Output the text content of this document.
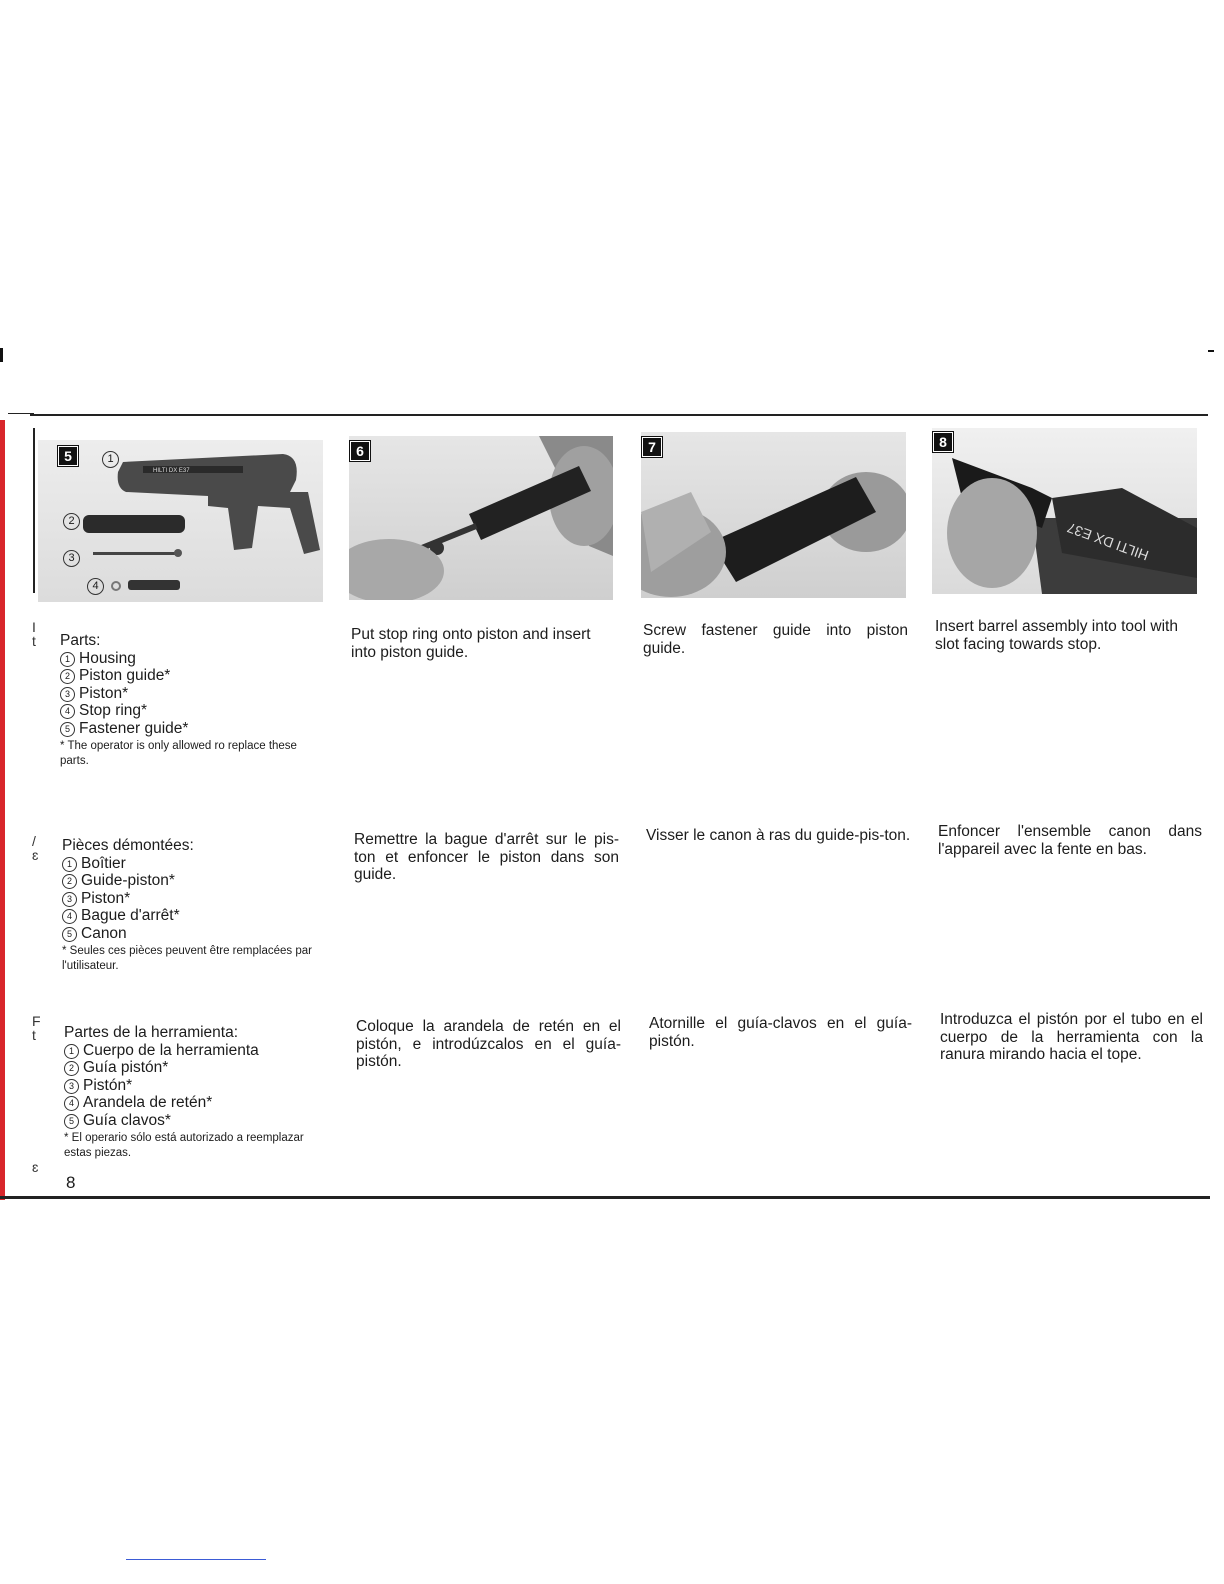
I
t
/
ɛ
F
t
ɛ
HILTI DX E37
5	1
2
3
4
6	7
HILTI DX E37
8
Parts:
1 Housing
2 Piston guide*
3 Piston*
4 Stop ring*
5 Fastener guide*
* The operator is only allowed ro replace these parts.
Put stop ring onto piston and insert into piston guide.
Screw fastener guide into piston guide.
Insert barrel assembly into tool with slot facing towards stop.
Pièces démontées:
1 Boîtier
2 Guide-piston*
3 Piston*
4 Bague d'arrêt*
5 Canon
* Seules ces pièces peuvent être remplacées par l'utilisateur.
Remettre la bague d'arrêt sur le pis-ton et enfoncer le piston dans son guide.
Visser le canon à ras du guide-pis-ton. Enfoncer l'ensemble canon dans l'appareil avec la fente en bas.
Partes de la herramienta:
1 Cuerpo de la herramienta
2 Guía pistón*
3 Pistón*
4 Arandela de retén*
5 Guía clavos*
* El operario sólo está autorizado a reemplazar estas piezas.
Coloque la arandela de retén en el pistón, e introdúzcalos en el guía-pistón.
Atornille el guía-clavos en el guía-pistón.
Introduzca el pistón por el tubo en el cuerpo de la herramienta con la ranura mirando hacia el tope.
8
